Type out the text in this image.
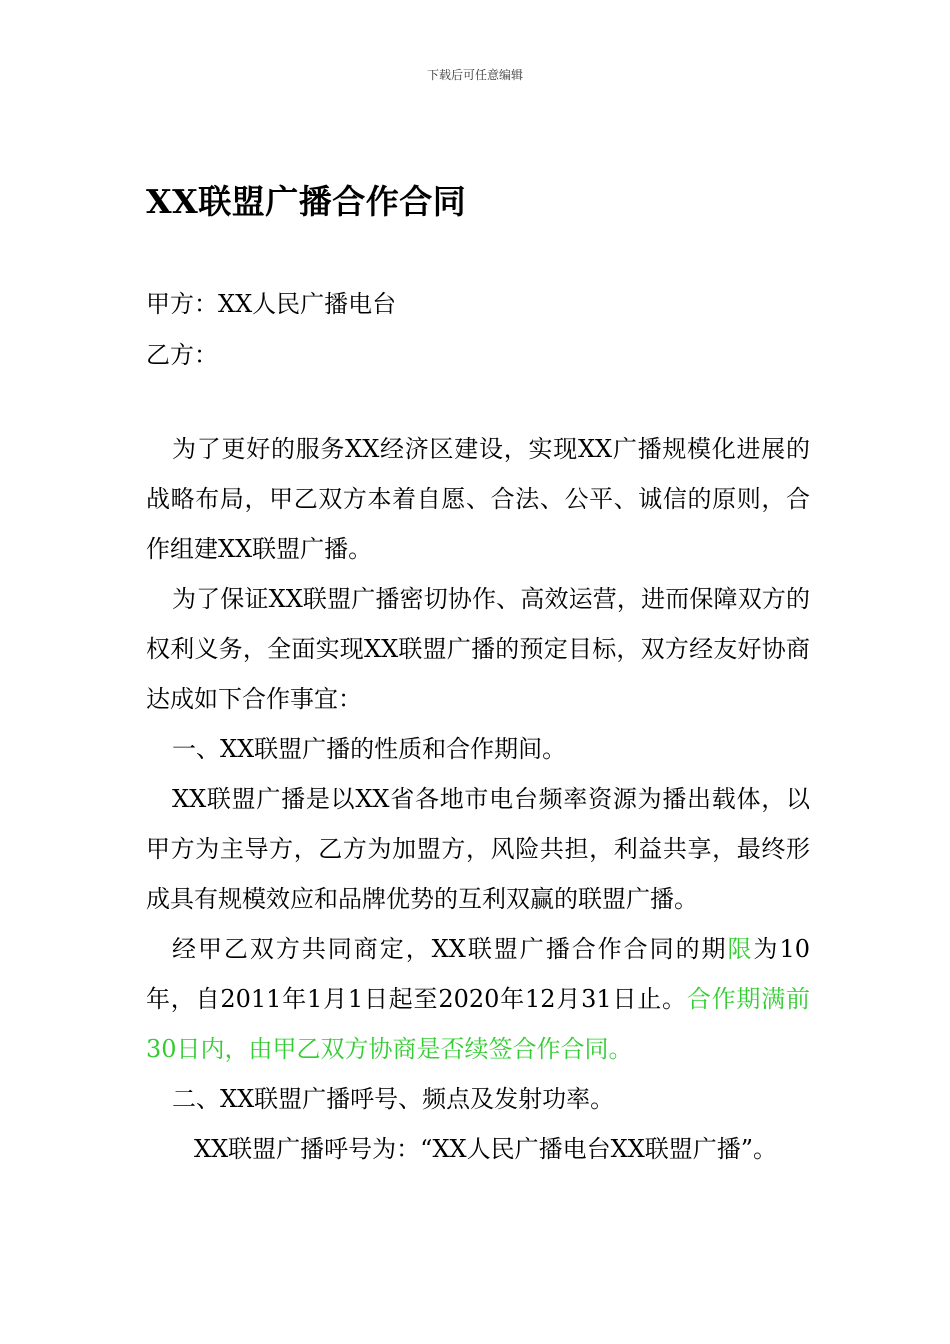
下载后可任意编辑
XX联盟广播合作合同
甲方：XX人民广播电台
乙方：

为了更好的服务XX经济区建设，实现XX广播规模化进展的战略布局，甲乙双方本着自愿、合法、公平、诚信的原则，合作组建XX联盟广播。

为了保证XX联盟广播密切协作、高效运营，进而保障双方的权利义务，全面实现XX联盟广播的预定目标，双方经友好协商达成如下合作事宜：

一、XX联盟广播的性质和合作期间。

XX联盟广播是以XX省各地市电台频率资源为播出载体，以甲方为主导方，乙方为加盟方，风险共担，利益共享，最终形成具有规模效应和品牌优势的互利双赢的联盟广播。

经甲乙双方共同商定，XX联盟广播合作合同的期限为10年，自2011年1月1日起至2020年12月31日止。合作期满前30日内，由甲乙双方协商是否续签合作合同。

二、XX联盟广播呼号、频点及发射功率。

XX联盟广播呼号为：“XX人民广播电台XX联盟广播”。
